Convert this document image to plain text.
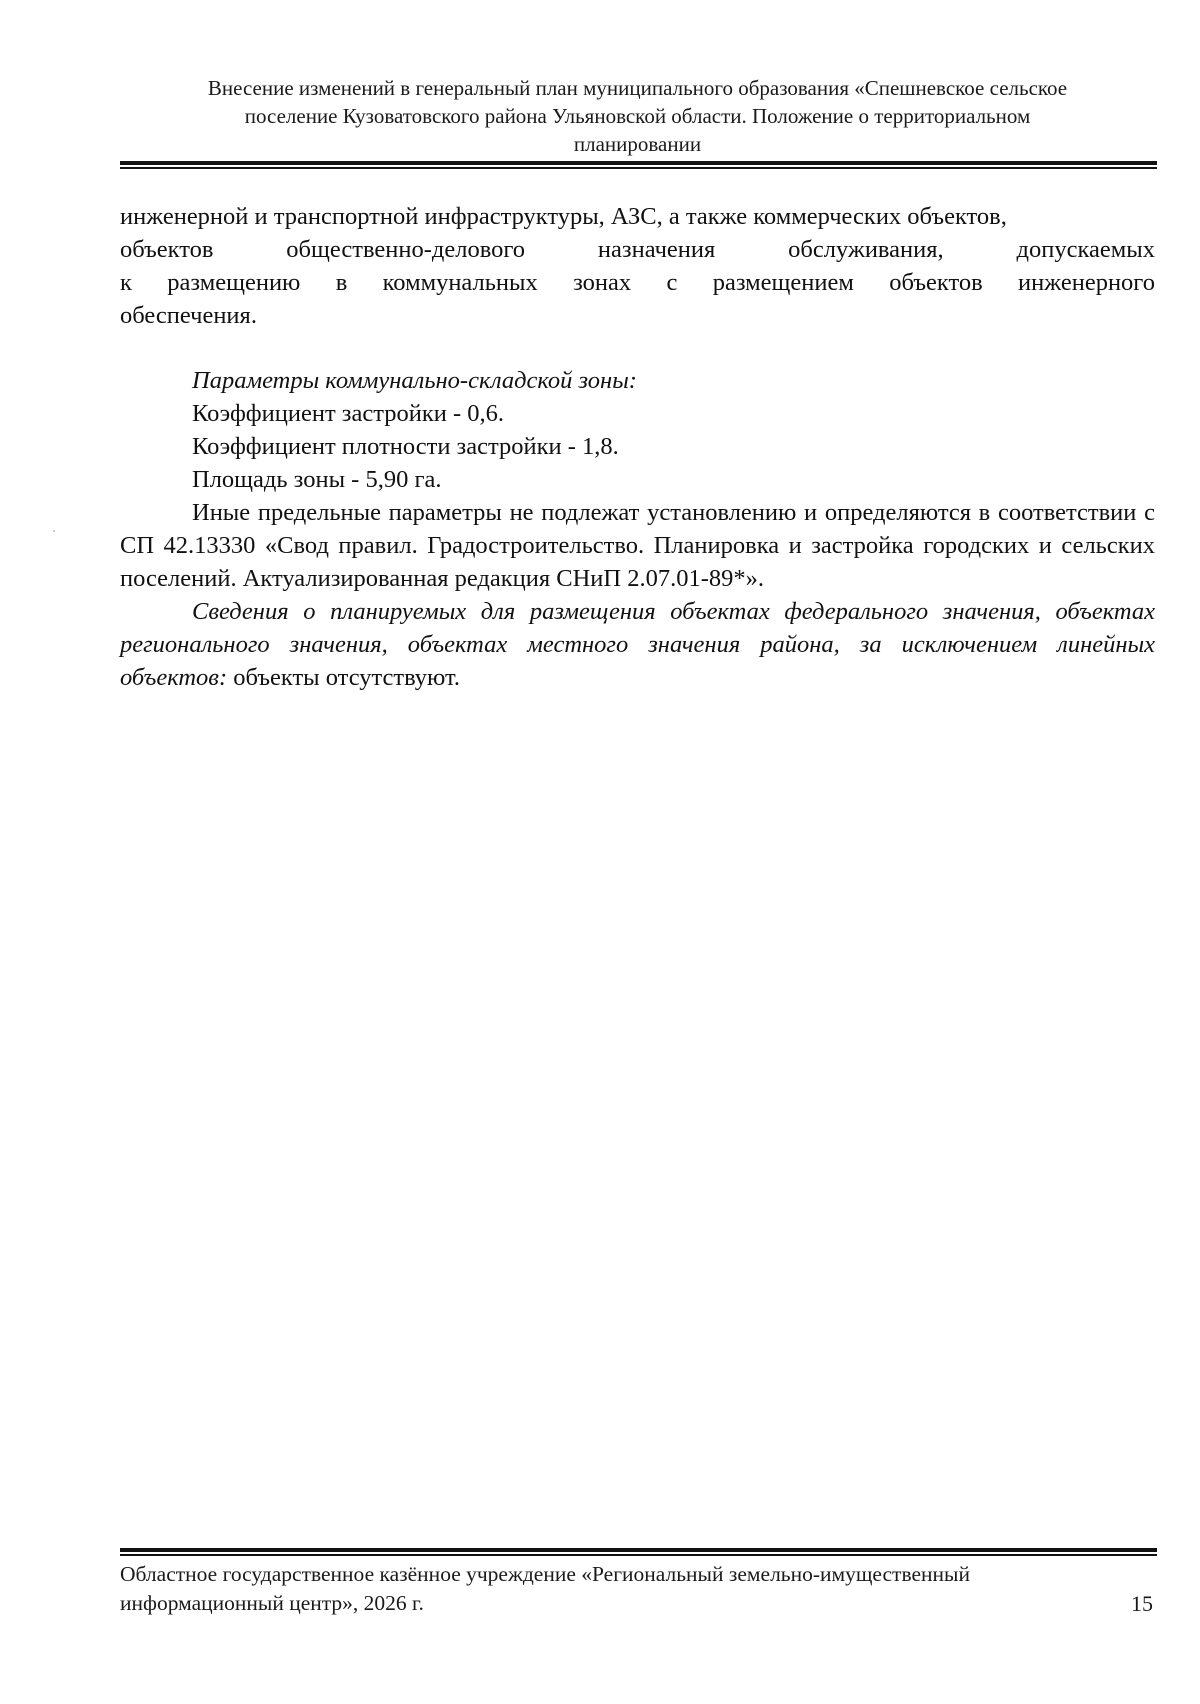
Внесение изменений в генеральный план муниципального образования «Спешневское сельское
поселение Кузоватовского района Ульяновской области. Положение о территориальном
планировании

инженерной и транспортной инфраструктуры, АЗС, а также коммерческих объектов,
объектов общественно-делового назначения обслуживания, допускаемых
к размещению в коммунальных зонах с размещением объектов инженерного
обеспечения.

Параметры коммунально-складской зоны:

Коэффициент застройки - 0,6.

Коэффициент плотности застройки - 1,8.

Площадь зоны - 5,90 га.

Иные предельные параметры не подлежат установлению и определяются в соответствии с СП 42.13330 «Свод правил. Градостроительство. Планировка и застройка городских и сельских поселений. Актуализированная редакция СНиП 2.07.01-89*».

Сведения о планируемых для размещения объектах федерального значения, объектах регионального значения, объектах местного значения района, за исключением линейных объектов: объекты отсутствуют.

Областное государственное казённое учреждение «Региональный земельно-имущественный
информационный центр», 2026 г.	15
